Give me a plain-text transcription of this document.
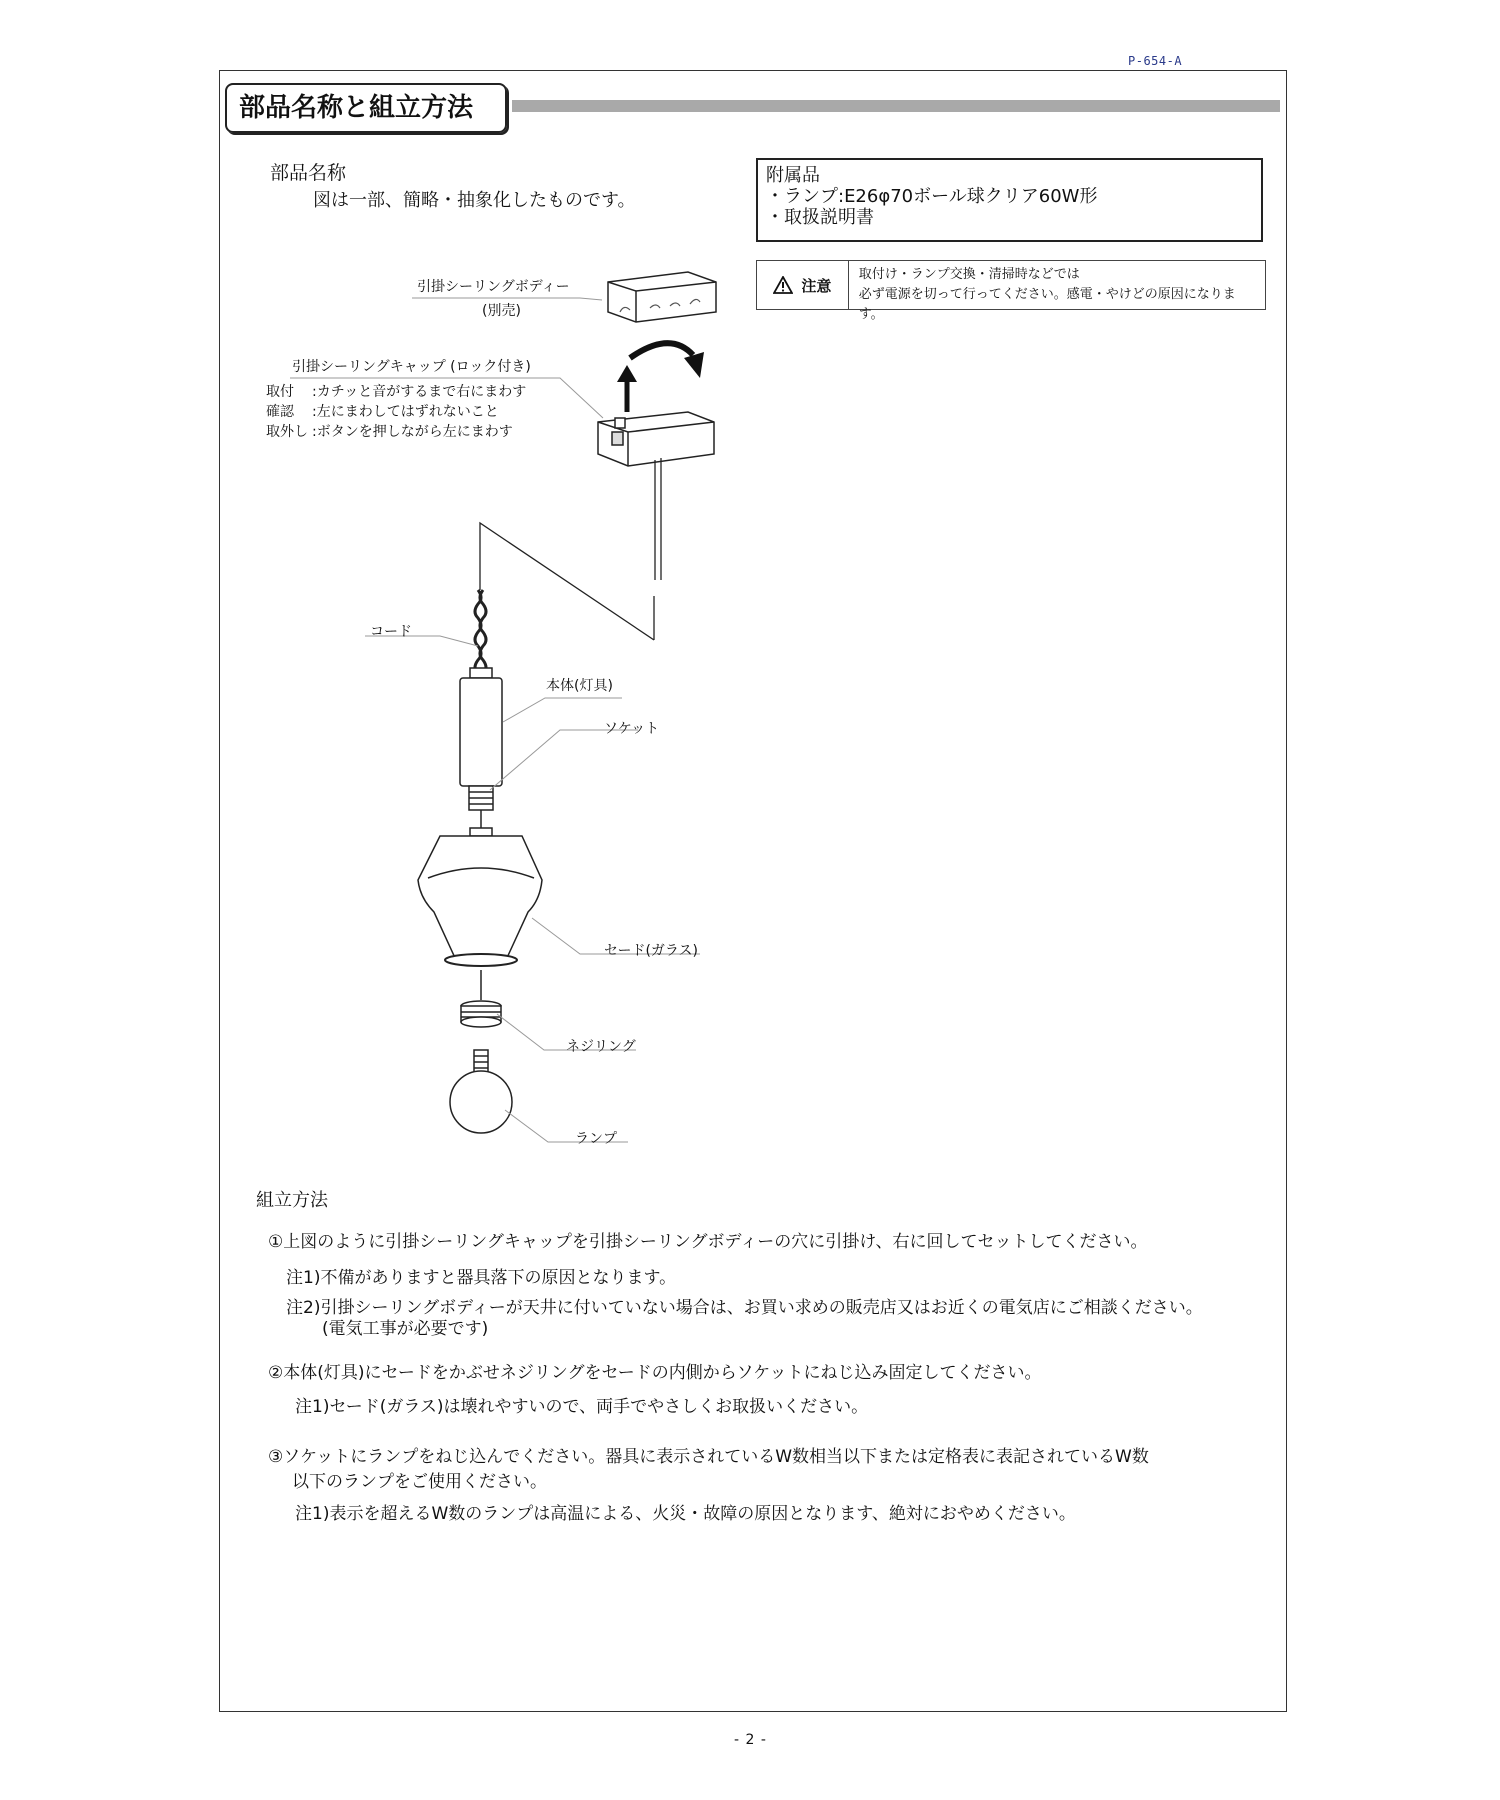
P-654-A
部品名称と組立方法
部品名称
図は一部、簡略・抽象化したものです。
附属品
・ランプ:E26φ70ボール球クリア60W形
・取扱説明書
注意
取付け・ランプ交換・清掃時などでは
必ず電源を切って行ってください。感電・やけどの原因になります。
引掛シーリングボディー
(別売)
引掛シーリングキャップ (ロック付き)
取付 :カチッと音がするまで右にまわす
確認 :左にまわしてはずれないこと
取外し :ボタンを押しながら左にまわす
コード
本体(灯具)
ソケット
セード(ガラス)
ネジリング
ランプ
組立方法
①上図のように引掛シーリングキャップを引掛シーリングボディーの穴に引掛け、右に回してセットしてください。
注1)不備がありますと器具落下の原因となります。
注2)引掛シーリングボディーが天井に付いていない場合は、お買い求めの販売店又はお近くの電気店にご相談ください。
(電気工事が必要です)
②本体(灯具)にセードをかぶせネジリングをセードの内側からソケットにねじ込み固定してください。
注1)セード(ガラス)は壊れやすいので、両手でやさしくお取扱いください。
③ソケットにランプをねじ込んでください。器具に表示されているW数相当以下または定格表に表記されているW数
以下のランプをご使用ください。
注1)表示を超えるW数のランプは高温による、火災・故障の原因となります、絶対におやめください。
- 2 -
